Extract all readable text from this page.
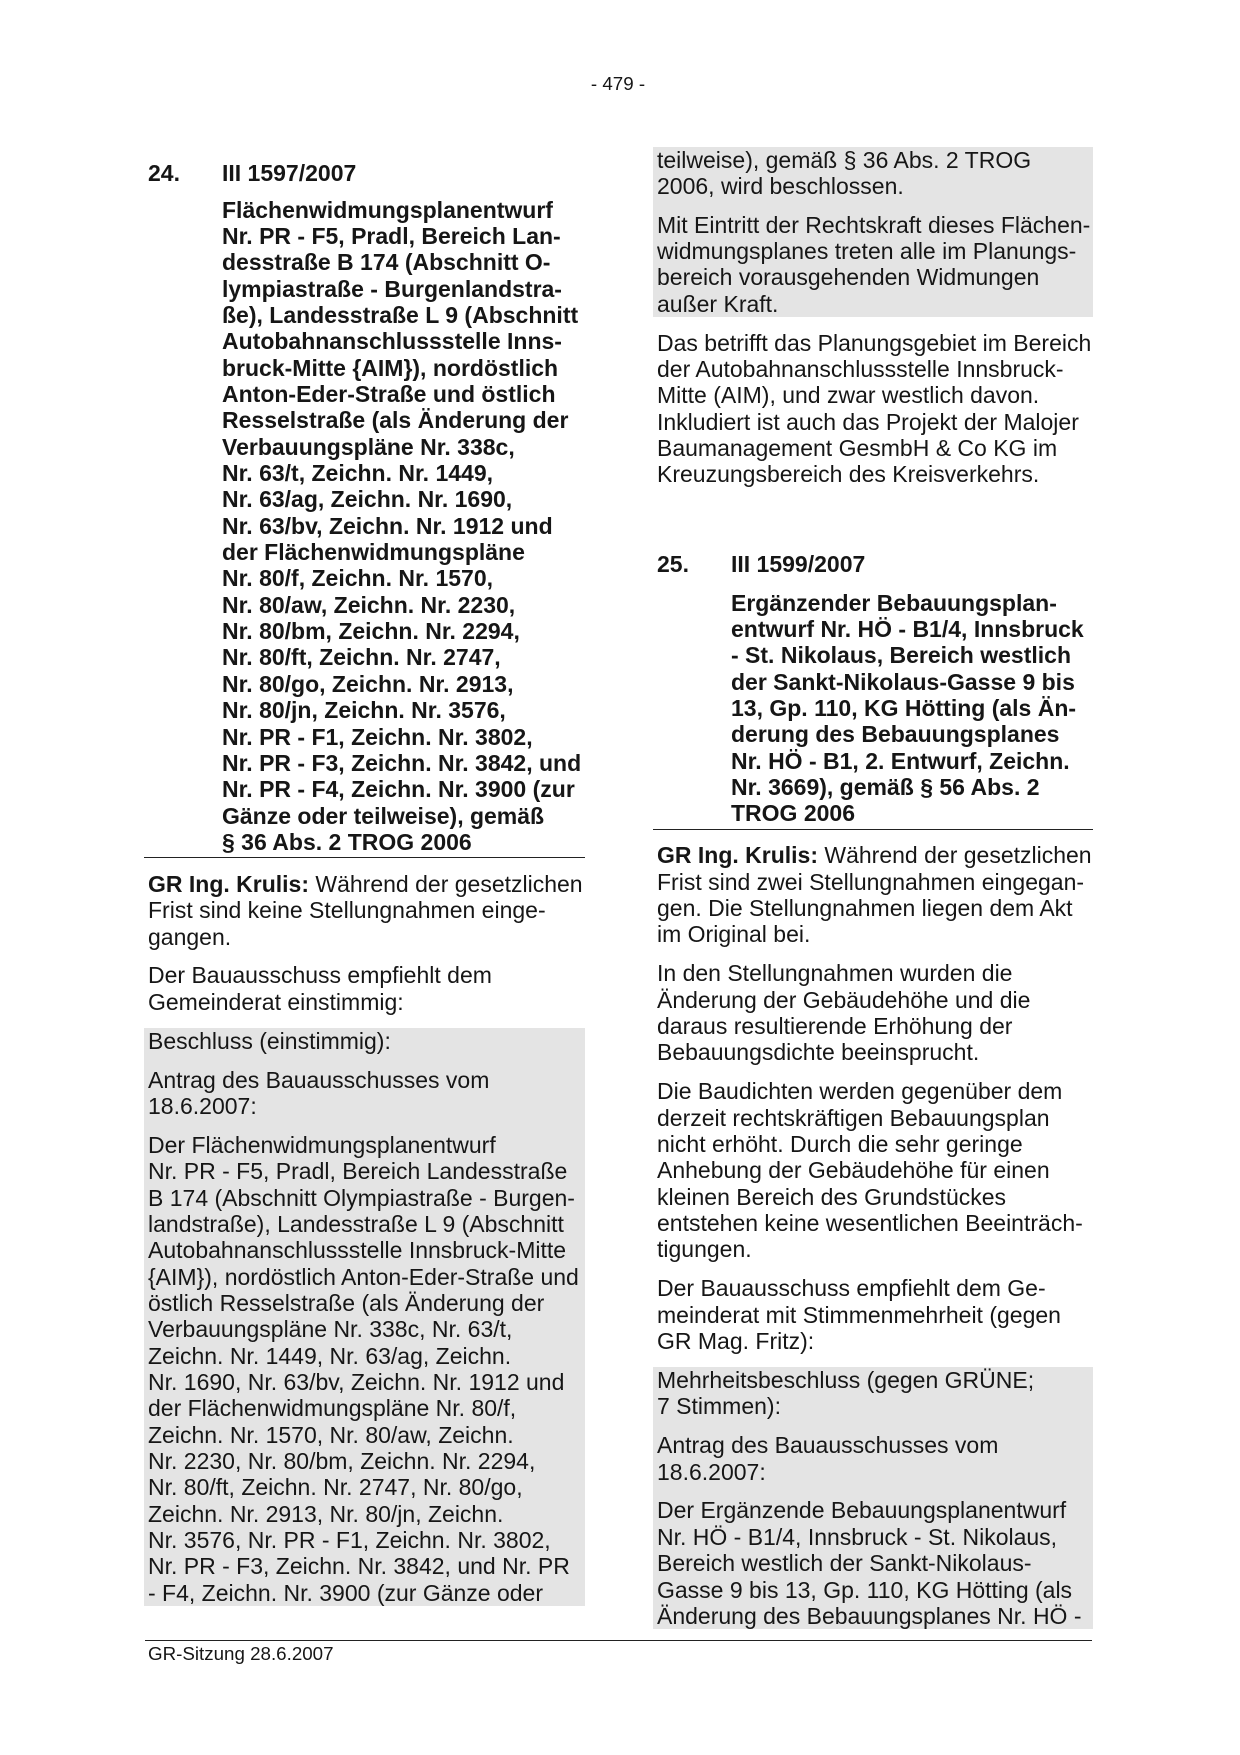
- 479 -
24.	III 1597/2007
Flächenwidmungsplanentwurf
Nr. PR - F5, Pradl, Bereich Lan-
desstraße B 174 (Abschnitt O-
lympiastraße - Burgenlandstra-
ße), Landesstraße L 9 (Abschnitt
Autobahnanschlussstelle Inns-
bruck-Mitte {AIM}), nordöstlich
Anton-Eder-Straße und östlich
Resselstraße (als Änderung der
Verbauungspläne Nr. 338c,
Nr. 63/t, Zeichn. Nr. 1449,
Nr. 63/ag, Zeichn. Nr. 1690,
Nr. 63/bv, Zeichn. Nr. 1912 und
der Flächenwidmungspläne
Nr. 80/f, Zeichn. Nr. 1570,
Nr. 80/aw, Zeichn. Nr. 2230,
Nr. 80/bm, Zeichn. Nr. 2294,
Nr. 80/ft, Zeichn. Nr. 2747,
Nr. 80/go, Zeichn. Nr. 2913,
Nr. 80/jn, Zeichn. Nr. 3576,
Nr. PR - F1, Zeichn. Nr. 3802,
Nr. PR - F3, Zeichn. Nr. 3842, und
Nr. PR - F4, Zeichn. Nr. 3900 (zur
Gänze oder teilweise), gemäß
§ 36 Abs. 2 TROG 2006

GR Ing. Krulis: Während der gesetzlichen
Frist sind keine Stellungnahmen einge-
gangen.

Der Bauausschuss empfiehlt dem
Gemeinderat einstimmig:

Beschluss (einstimmig):

Antrag des Bauausschusses vom
18.6.2007:

Der Flächenwidmungsplanentwurf
Nr. PR - F5, Pradl, Bereich Landesstraße
B 174 (Abschnitt Olympiastraße - Burgen-
landstraße), Landesstraße L 9 (Abschnitt
Autobahnanschlussstelle Innsbruck-Mitte
{AIM}), nordöstlich Anton-Eder-Straße und
östlich Resselstraße (als Änderung der
Verbauungspläne Nr. 338c, Nr. 63/t,
Zeichn. Nr. 1449, Nr. 63/ag, Zeichn.
Nr. 1690, Nr. 63/bv, Zeichn. Nr. 1912 und
der Flächenwidmungspläne Nr. 80/f,
Zeichn. Nr. 1570, Nr. 80/aw, Zeichn.
Nr. 2230, Nr. 80/bm, Zeichn. Nr. 2294,
Nr. 80/ft, Zeichn. Nr. 2747, Nr. 80/go,
Zeichn. Nr. 2913, Nr. 80/jn, Zeichn.
Nr. 3576, Nr. PR - F1, Zeichn. Nr. 3802,
Nr. PR - F3, Zeichn. Nr. 3842, und Nr. PR
- F4, Zeichn. Nr. 3900 (zur Gänze oder

teilweise), gemäß § 36 Abs. 2 TROG
2006, wird beschlossen.

Mit Eintritt der Rechtskraft dieses Flächen-
widmungsplanes treten alle im Planungs-
bereich vorausgehenden Widmungen
außer Kraft.

Das betrifft das Planungsgebiet im Bereich
der Autobahnanschlussstelle Innsbruck-
Mitte (AIM), und zwar westlich davon.
Inkludiert ist auch das Projekt der Malojer
Baumanagement GesmbH & Co KG im
Kreuzungsbereich des Kreisverkehrs.

25.	III 1599/2007
Ergänzender Bebauungsplan-
entwurf Nr. HÖ - B1/4, Innsbruck
- St. Nikolaus, Bereich westlich
der Sankt-Nikolaus-Gasse 9 bis
13, Gp. 110, KG Hötting (als Än-
derung des Bebauungsplanes
Nr. HÖ - B1, 2. Entwurf, Zeichn.
Nr. 3669), gemäß § 56 Abs. 2
TROG 2006

GR Ing. Krulis: Während der gesetzlichen
Frist sind zwei Stellungnahmen eingegan-
gen. Die Stellungnahmen liegen dem Akt
im Original bei.

In den Stellungnahmen wurden die
Änderung der Gebäudehöhe und die
daraus resultierende Erhöhung der
Bebauungsdichte beeinsprucht.

Die Baudichten werden gegenüber dem
derzeit rechtskräftigen Bebauungsplan
nicht erhöht. Durch die sehr geringe
Anhebung der Gebäudehöhe für einen
kleinen Bereich des Grundstückes
entstehen keine wesentlichen Beeinträch-
tigungen.

Der Bauausschuss empfiehlt dem Ge-
meinderat mit Stimmenmehrheit (gegen
GR Mag. Fritz):

Mehrheitsbeschluss (gegen GRÜNE;
7 Stimmen):

Antrag des Bauausschusses vom
18.6.2007:

Der Ergänzende Bebauungsplanentwurf
Nr. HÖ - B1/4, Innsbruck - St. Nikolaus,
Bereich westlich der Sankt-Nikolaus-
Gasse 9 bis 13, Gp. 110, KG Hötting (als
Änderung des Bebauungsplanes Nr. HÖ -

GR-Sitzung 28.6.2007
